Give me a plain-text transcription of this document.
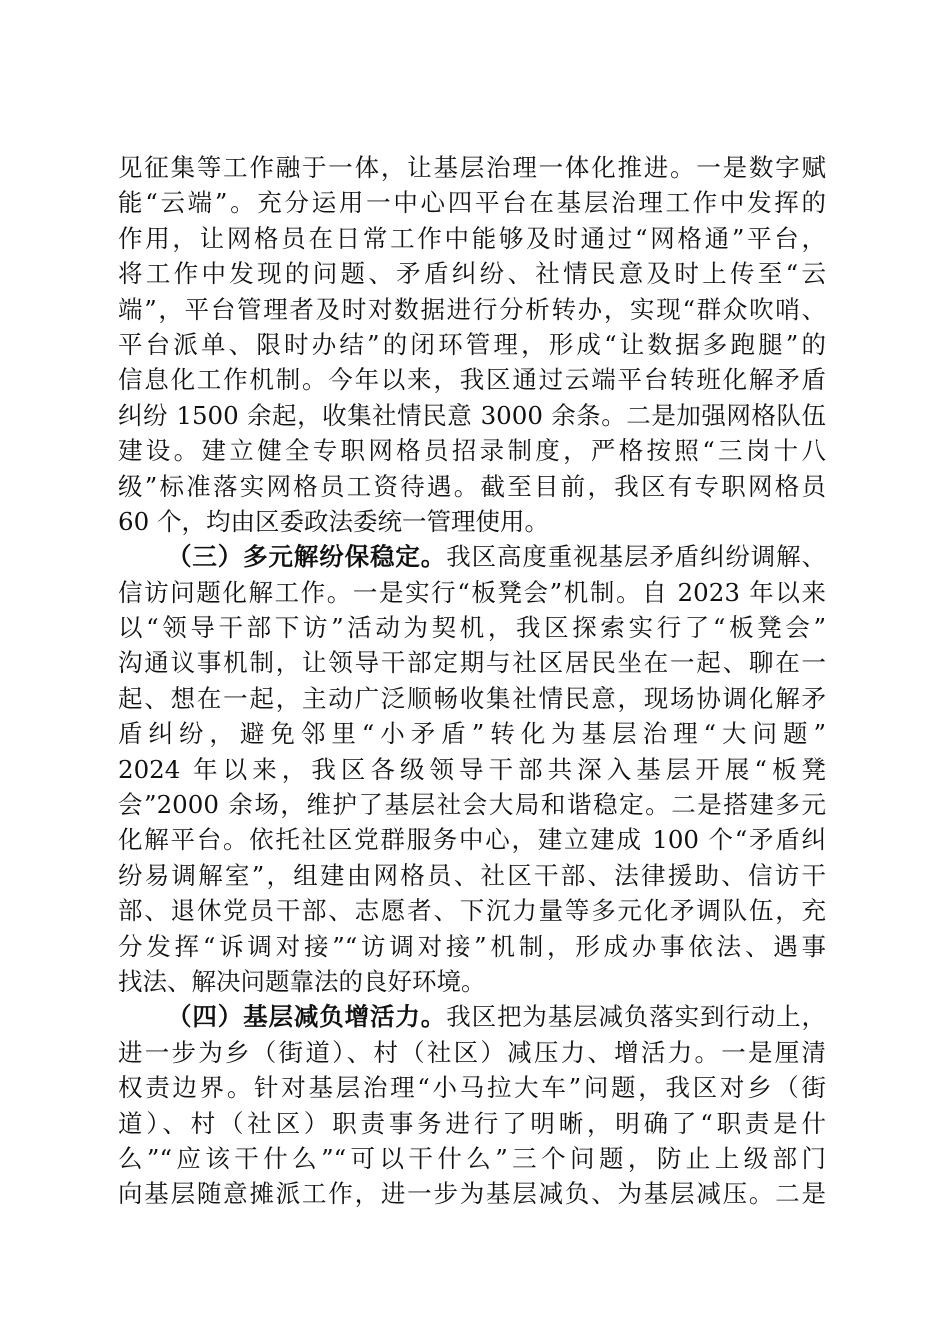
见征集等工作融于一体，让基层治理一体化推进。一是数字赋
能“云端”。充分运用一中心四平台在基层治理工作中发挥的
作用，让网格员在日常工作中能够及时通过“网格通”平台，
将工作中发现的问题、矛盾纠纷、社情民意及时上传至“云
端”，平台管理者及时对数据进行分析转办，实现“群众吹哨、
平台派单、限时办结”的闭环管理，形成“让数据多跑腿”的
信息化工作机制。今年以来，我区通过云端平台转班化解矛盾
纠纷 1500 余起，收集社情民意 3000 余条。二是加强网格队伍
建设。建立健全专职网格员招录制度，严格按照“三岗十八
级”标准落实网格员工资待遇。截至目前，我区有专职网格员
60 个，均由区委政法委统一管理使用。
（三）多元解纷保稳定。我区高度重视基层矛盾纠纷调解、
信访问题化解工作。一是实行“板凳会”机制。自 2023 年以来
以“领导干部下访”活动为契机，我区探索实行了“板凳会”
沟通议事机制，让领导干部定期与社区居民坐在一起、聊在一
起、想在一起，主动广泛顺畅收集社情民意，现场协调化解矛
盾纠纷，避免邻里“小矛盾”转化为基层治理“大问题”
2024 年以来，我区各级领导干部共深入基层开展“板凳
会”2000 余场，维护了基层社会大局和谐稳定。二是搭建多元
化解平台。依托社区党群服务中心，建立建成 100 个“矛盾纠
纷易调解室”，组建由网格员、社区干部、法律援助、信访干
部、退休党员干部、志愿者、下沉力量等多元化矛调队伍，充
分发挥“诉调对接”“访调对接”机制，形成办事依法、遇事
找法、解决问题靠法的良好环境。
（四）基层减负增活力。我区把为基层减负落实到行动上，
进一步为乡（街道）、村（社区）减压力、增活力。一是厘清
权责边界。针对基层治理“小马拉大车”问题，我区对乡（街
道）、村（社区）职责事务进行了明晰，明确了“职责是什
么”“应该干什么”“可以干什么”三个问题，防止上级部门
向基层随意摊派工作，进一步为基层减负、为基层减压。二是
